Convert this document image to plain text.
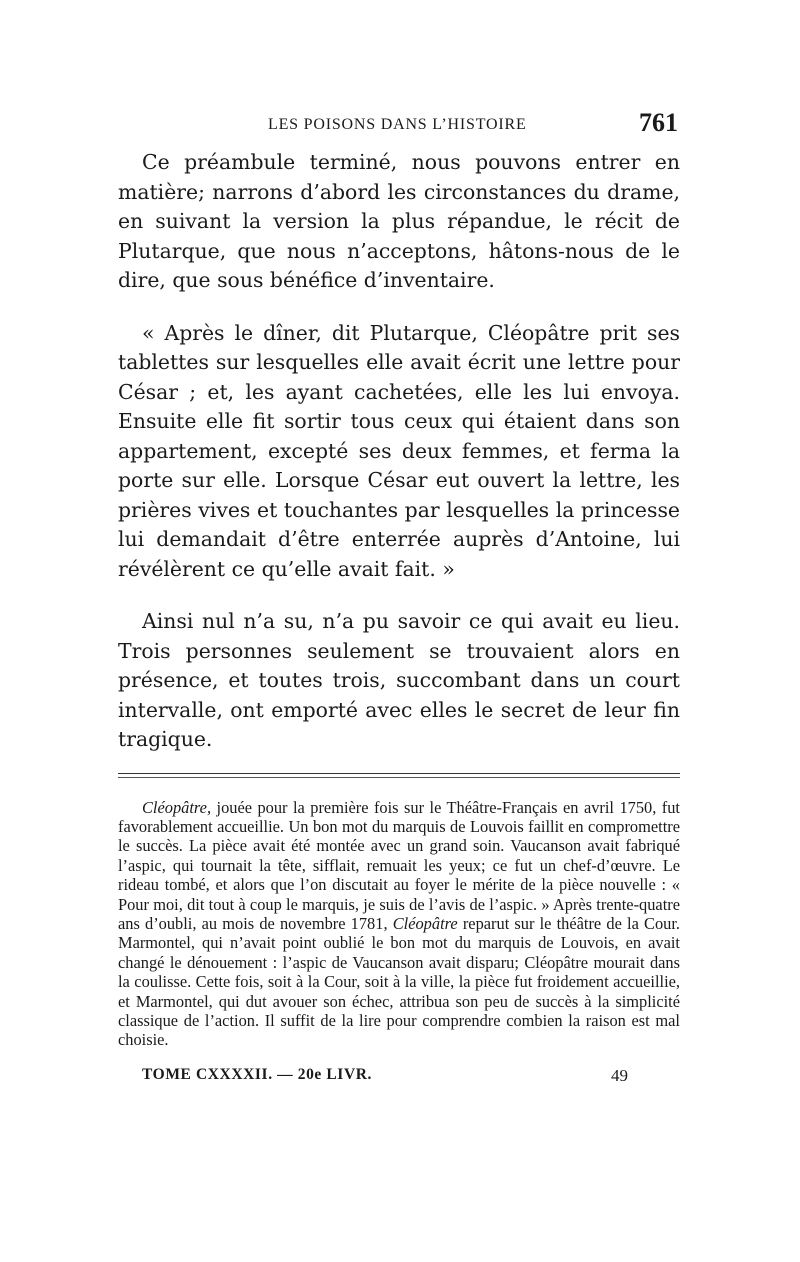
LES POISONS DANS L’HISTOIRE	761

Ce préambule terminé, nous pouvons entrer en matière; narrons d’abord les circonstances du drame, en suivant la version la plus répandue, le récit de Plutarque, que nous n’acceptons, hâtons-nous de le dire, que sous bénéfice d’inventaire.

« Après le dîner, dit Plutarque, Cléopâtre prit ses tablettes sur lesquelles elle avait écrit une lettre pour César ; et, les ayant cachetées, elle les lui envoya. Ensuite elle fit sortir tous ceux qui étaient dans son appartement, excepté ses deux femmes, et ferma la porte sur elle. Lorsque César eut ouvert la lettre, les prières vives et touchantes par lesquelles la princesse lui demandait d’être enterrée auprès d’Antoine, lui révélèrent ce qu’elle avait fait. »

Ainsi nul n’a su, n’a pu savoir ce qui avait eu lieu. Trois personnes seulement se trouvaient alors en présence, et toutes trois, succombant dans un court intervalle, ont emporté avec elles le secret de leur fin tragique.

Cléopâtre, jouée pour la première fois sur le Théâtre-Français en avril 1750, fut favorablement accueillie. Un bon mot du marquis de Louvois faillit en compromettre le succès. La pièce avait été montée avec un grand soin. Vaucanson avait fabriqué l’aspic, qui tournait la tête, sifflait, remuait les yeux; ce fut un chef-d’œuvre. Le rideau tombé, et alors que l’on discutait au foyer le mérite de la pièce nouvelle : « Pour moi, dit tout à coup le marquis, je suis de l’avis de l’aspic. » Après trente-quatre ans d’oubli, au mois de novembre 1781, Cléopâtre reparut sur le théâtre de la Cour. Marmontel, qui n’avait point oublié le bon mot du marquis de Louvois, en avait changé le dénouement : l’aspic de Vaucanson avait disparu; Cléopâtre mourait dans la coulisse. Cette fois, soit à la Cour, soit à la ville, la pièce fut froidement accueillie, et Marmontel, qui dut avouer son échec, attribua son peu de succès à la simplicité classique de l’action. Il suffit de la lire pour comprendre combien la raison est mal choisie.

TOME CXXXXII. — 20e LIVR.	49
